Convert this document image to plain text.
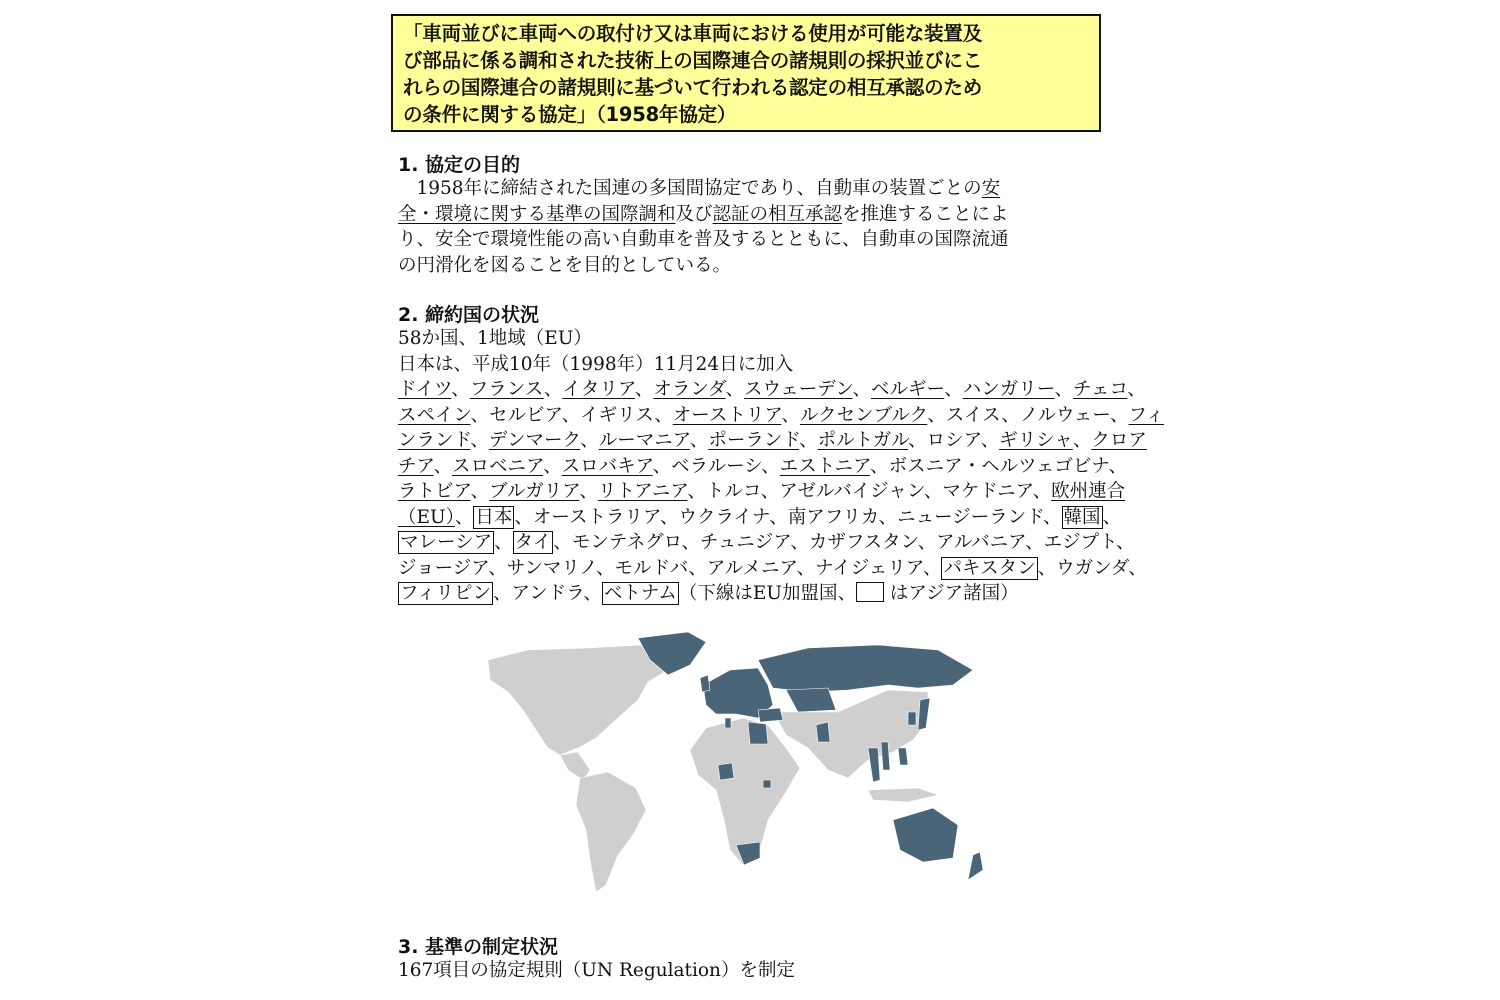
「車両並びに車両への取付け又は車両における使用が可能な装置及
び部品に係る調和された技術上の国際連合の諸規則の採択並びにこ
れらの国際連合の諸規則に基づいて行われる認定の相互承認のため
の条件に関する協定」（1958年協定）
1. 協定の目的
　1958年に締結された国連の多国間協定であり、自動車の装置ごとの安
全・環境に関する基準の国際調和及び認証の相互承認を推進することによ
り、安全で環境性能の高い自動車を普及するとともに、自動車の国際流通
の円滑化を図ることを目的としている。
2. 締約国の状況
58か国、1地域（EU）
日本は、平成10年（1998年）11月24日に加入
ドイツ、フランス、イタリア、オランダ、スウェーデン、ベルギー、ハンガリー、チェコ、
スペイン、セルビア、イギリス、オーストリア、ルクセンブルク、スイス、ノルウェー、フィ
ンランド、デンマーク、ルーマニア、ポーランド、ポルトガル、ロシア、ギリシャ、クロア
チア、スロベニア、スロバキア、ベラルーシ、エストニア、ボスニア・ヘルツェゴビナ、
ラトビア、ブルガリア、リトアニア、トルコ、アゼルバイジャン、マケドニア、欧州連合
（EU）、 日本 、オーストラリア、ウクライナ、南アフリカ、ニュージーランド、 韓国 、
マレーシア 、 タイ 、モンテネグロ、チュニジア、カザフスタン、アルバニア、エジプト、
ジョージア、サンマリノ、モルドバ、アルメニア、ナイジェリア、 パキスタン 、ウガンダ、
フィリピン 、アンドラ、 ベトナム （下線はEU加盟国、 はアジア諸国）
3. 基準の制定状況
167項目の協定規則（UN Regulation）を制定
